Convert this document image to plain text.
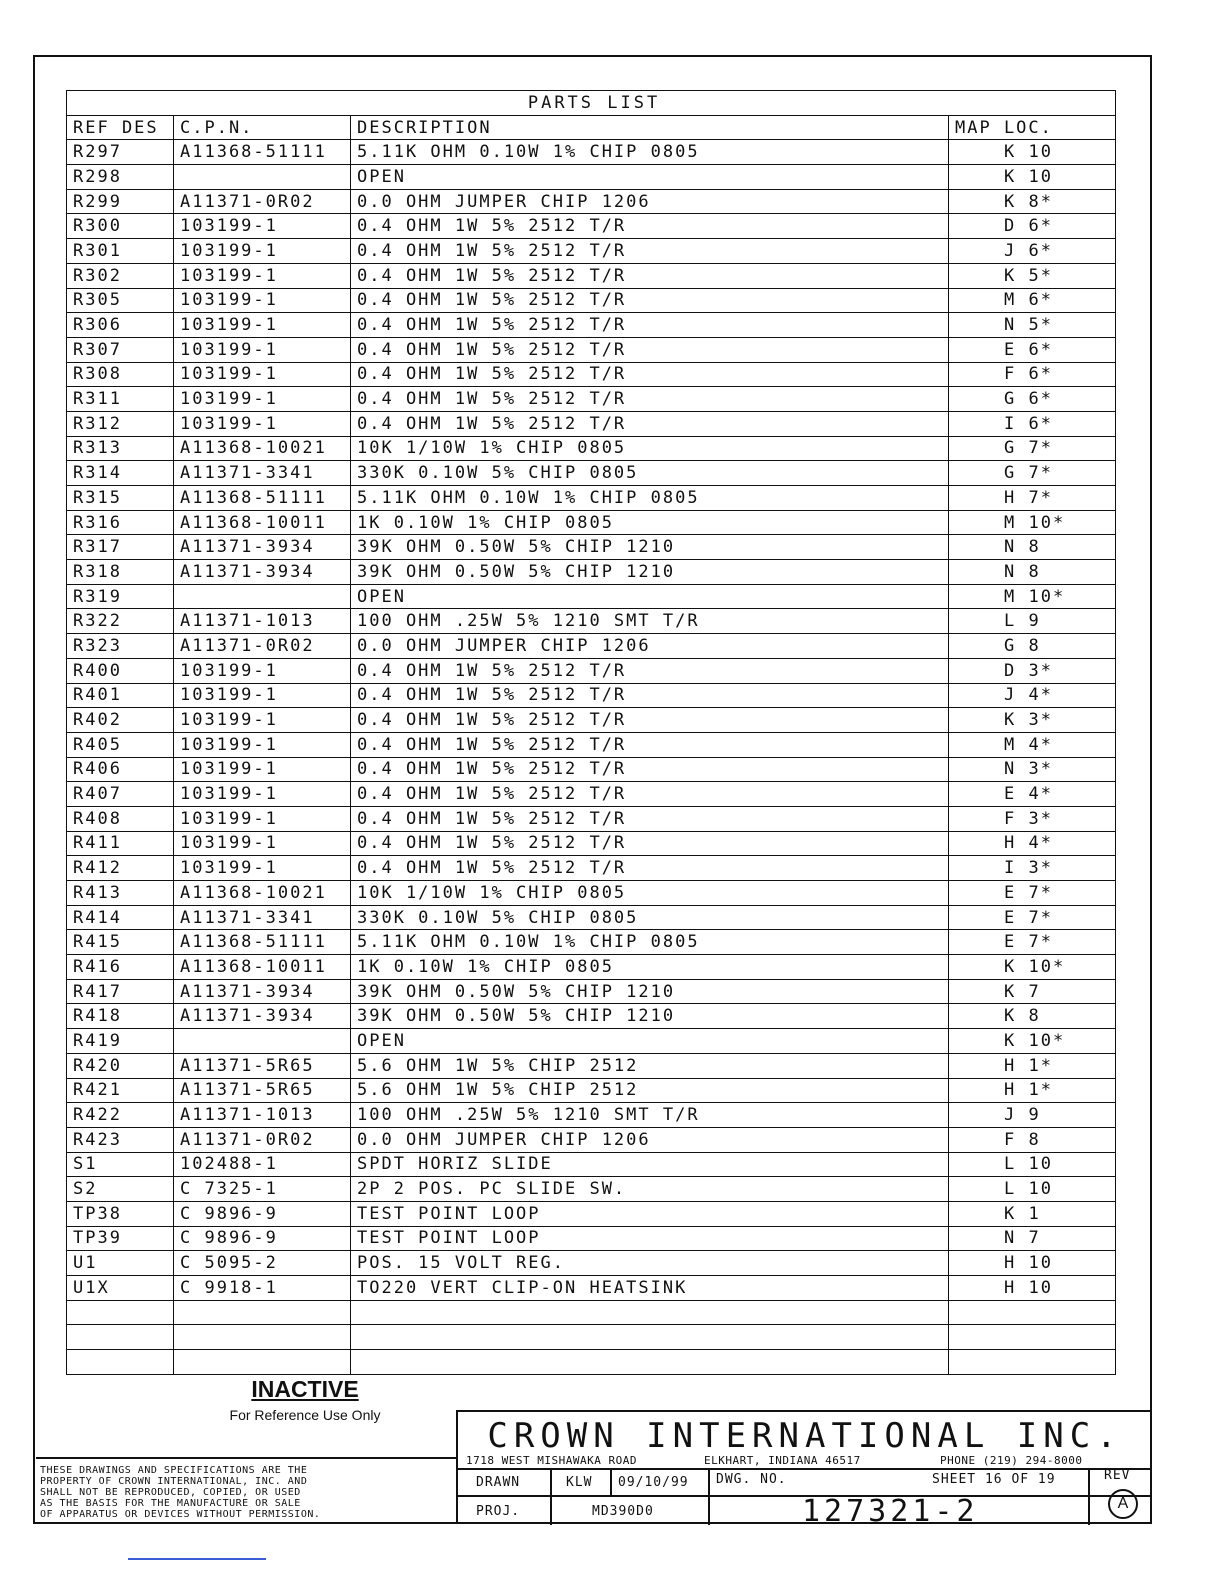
PARTS LIST			
REF DES	C.P.N.	DESCRIPTION	MAP LOC.
R297	A11368-51111	5.11K OHM 0.10W 1% CHIP 0805	K 10
R298		OPEN	K 10
R299	A11371-0R02	0.0 OHM JUMPER CHIP 1206	K 8*
R300	103199-1	0.4 OHM 1W 5% 2512 T/R	D 6*
R301	103199-1	0.4 OHM 1W 5% 2512 T/R	J 6*
R302	103199-1	0.4 OHM 1W 5% 2512 T/R	K 5*
R305	103199-1	0.4 OHM 1W 5% 2512 T/R	M 6*
R306	103199-1	0.4 OHM 1W 5% 2512 T/R	N 5*
R307	103199-1	0.4 OHM 1W 5% 2512 T/R	E 6*
R308	103199-1	0.4 OHM 1W 5% 2512 T/R	F 6*
R311	103199-1	0.4 OHM 1W 5% 2512 T/R	G 6*
R312	103199-1	0.4 OHM 1W 5% 2512 T/R	I 6*
R313	A11368-10021	10K 1/10W 1% CHIP 0805	G 7*
R314	A11371-3341	330K 0.10W 5% CHIP 0805	G 7*
R315	A11368-51111	5.11K OHM 0.10W 1% CHIP 0805	H 7*
R316	A11368-10011	1K 0.10W 1% CHIP 0805	M 10*
R317	A11371-3934	39K OHM 0.50W 5% CHIP 1210	N 8
R318	A11371-3934	39K OHM 0.50W 5% CHIP 1210	N 8
R319		OPEN	M 10*
R322	A11371-1013	100 OHM .25W 5% 1210 SMT T/R	L 9
R323	A11371-0R02	0.0 OHM JUMPER CHIP 1206	G 8
R400	103199-1	0.4 OHM 1W 5% 2512 T/R	D 3*
R401	103199-1	0.4 OHM 1W 5% 2512 T/R	J 4*
R402	103199-1	0.4 OHM 1W 5% 2512 T/R	K 3*
R405	103199-1	0.4 OHM 1W 5% 2512 T/R	M 4*
R406	103199-1	0.4 OHM 1W 5% 2512 T/R	N 3*
R407	103199-1	0.4 OHM 1W 5% 2512 T/R	E 4*
R408	103199-1	0.4 OHM 1W 5% 2512 T/R	F 3*
R411	103199-1	0.4 OHM 1W 5% 2512 T/R	H 4*
R412	103199-1	0.4 OHM 1W 5% 2512 T/R	I 3*
R413	A11368-10021	10K 1/10W 1% CHIP 0805	E 7*
R414	A11371-3341	330K 0.10W 5% CHIP 0805	E 7*
R415	A11368-51111	5.11K OHM 0.10W 1% CHIP 0805	E 7*
R416	A11368-10011	1K 0.10W 1% CHIP 0805	K 10*
R417	A11371-3934	39K OHM 0.50W 5% CHIP 1210	K 7
R418	A11371-3934	39K OHM 0.50W 5% CHIP 1210	K 8
R419		OPEN	K 10*
R420	A11371-5R65	5.6 OHM 1W 5% CHIP 2512	H 1*
R421	A11371-5R65	5.6 OHM 1W 5% CHIP 2512	H 1*
R422	A11371-1013	100 OHM .25W 5% 1210 SMT T/R	J 9
R423	A11371-0R02	0.0 OHM JUMPER CHIP 1206	F 8
S1	102488-1	SPDT HORIZ SLIDE	L 10
S2	C 7325-1	2P 2 POS. PC SLIDE SW.	L 10
TP38	C 9896-9	TEST POINT LOOP	K 1
TP39	C 9896-9	TEST POINT LOOP	N 7
U1	C 5095-2	POS. 15 VOLT REG.	H 10
U1X	C 9918-1	TO220 VERT CLIP-ON HEATSINK	H 10

INACTIVE
For Reference Use Only
THESE DRAWINGS AND SPECIFICATIONS ARE THE
PROPERTY OF CROWN INTERNATIONAL, INC. AND
SHALL NOT BE REPRODUCED, COPIED, OR USED
AS THE BASIS FOR THE MANUFACTURE OR SALE
OF APPARATUS OR DEVICES WITHOUT PERMISSION.
CROWN INTERNATIONAL INC.
1718 WEST MISHAWAKA ROAD	ELKHART, INDIANA 46517	PHONE (219) 294-8000
DRAWN	KLW 09/10/99 DWG. NO.	SHEET 16 OF 19	REV
A
PROJ.	MD390D0	127321-2
